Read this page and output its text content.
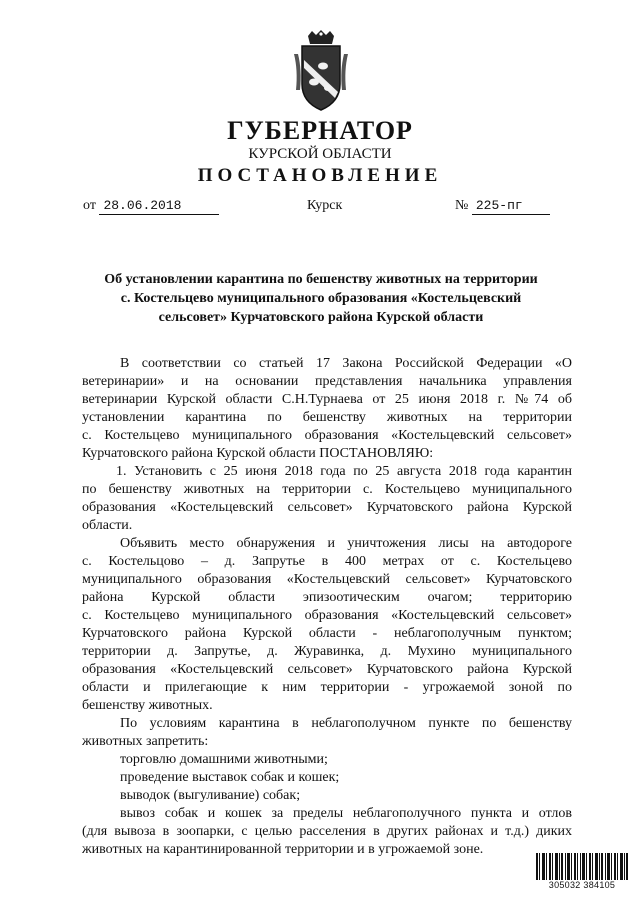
ГУБЕРНАТОР
КУРСКОЙ ОБЛАСТИ
ПОСТАНОВЛЕНИЕ
от 28.06.2018	Курск	№ 225-пг
Об установлении карантина по бешенству животных на территории
с. Костельцево муниципального образования «Костельцевский
сельсовет» Курчатовского района Курской области
В соответствии со статьей 17 Закона Российской Федерации «О
ветеринарии» и на основании представления начальника управления
ветеринарии Курской области С.Н.Турнаева от 25 июня 2018 г. №74 об
установлении карантина по бешенству животных на территории
с. Костельцево муниципального образования «Костельцевский сельсовет»
Курчатовского района Курской области ПОСТАНОВЛЯЮ:
1. Установить с 25 июня 2018 года по 25 августа 2018 года карантин
по бешенству животных на территории с. Костельцево муниципального
образования «Костельцевский сельсовет» Курчатовского района Курской
области.
Объявить место обнаружения и уничтожения лисы на автодороге
с. Костельцово – д. Запрутье в 400 метрах от с. Костельцево
муниципального образования «Костельцевский сельсовет» Курчатовского
района Курской области эпизоотическим очагом; территорию
с. Костельцево муниципального образования «Костельцевский сельсовет»
Курчатовского района Курской области - неблагополучным пунктом;
территории д. Запрутье, д. Журавинка, д. Мухино муниципального
образования «Костельцевский сельсовет» Курчатовского района Курской
области и прилегающие к ним территории - угрожаемой зоной по
бешенству животных.
По условиям карантина в неблагополучном пункте по бешенству
животных запретить:
торговлю домашними животными;
проведение выставок собак и кошек;
выводок (выгуливание) собак;
вывоз собак и кошек за пределы неблагополучного пункта и отлов
(для вывоза в зоопарки, с целью расселения в других районах и т.д.) диких
животных на карантинированной территории и в угрожаемой зоне.
305032 384105
